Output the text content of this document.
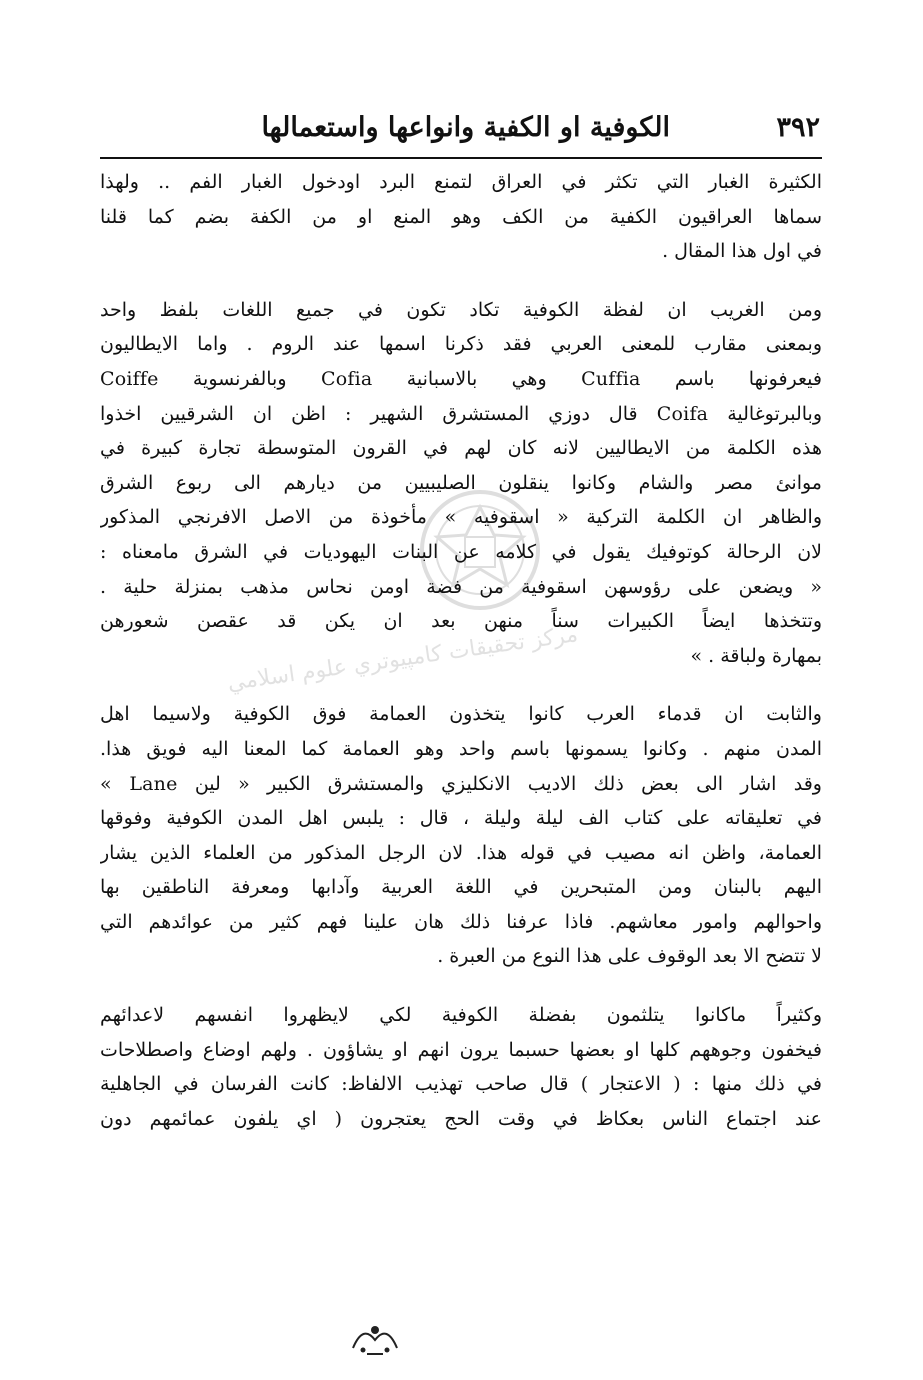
٣٩٢
الكوفية او الكفية وانواعها واستعمالها
مركز تحقيقات كامپيوتري علوم اسلامي
الكثيرة الغبار التي تكثر في العراق لتمنع البرد اودخول الغبار الفم .. ولهذا
سماها العراقيون الكفية من الكف وهو المنع او من الكفة بضم كما قلنا
في اول هذا المقال .
ومن الغريب ان لفظة الكوفية تكاد تكون في جميع اللغات بلفظ واحد
وبمعنى مقارب للمعنى العربي فقد ذكرنا اسمها عند الروم . واما الايطاليون
فيعرفونها باسم Cuffia وهي بالاسبانية Cofia وبالفرنسوية Coiffe
وبالبرتوغالية Coifa قال دوزي المستشرق الشهير : اظن ان الشرقيين اخذوا
هذه الكلمة من الايطاليين لانه كان لهم في القرون المتوسطة تجارة كبيرة في
موانئ مصر والشام وكانوا ينقلون الصليبيين من ديارهم الى ربوع الشرق
والظاهر ان الكلمة التركية « اسقوفيه » مأخوذة من الاصل الافرنجي المذكور
لان الرحالة كوتوفيك يقول في كلامه عن البنات اليهوديات في الشرق مامعناه :
« ويضعن على رؤوسهن اسقوفية من فضة اومن نحاس مذهب بمنزلة حلية .
وتتخذها ايضاً الكبيرات سناً منهن بعد ان يكن قد عقصن شعورهن
بمهارة ولباقة . »
والثابت ان قدماء العرب كانوا يتخذون العمامة فوق الكوفية ولاسيما اهل
المدن منهم . وكانوا يسمونها باسم واحد وهو العمامة كما المعنا اليه فويق هذا.
وقد اشار الى بعض ذلك الاديب الانكليزي والمستشرق الكبير « لين Lane »
في تعليقاته على كتاب الف ليلة وليلة ، قال : يلبس اهل المدن الكوفية وفوقها
العمامة، واظن انه مصيب في قوله هذا. لان الرجل المذكور من العلماء الذين يشار
اليهم بالبنان ومن المتبحرين في اللغة العربية وآدابها ومعرفة الناطقين بها
واحوالهم وامور معاشهم. فاذا عرفنا ذلك هان علينا فهم كثير من عوائدهم التي
لا تتضح الا بعد الوقوف على هذا النوع من العبرة .
وكثيراً ماكانوا يتلثمون بفضلة الكوفية لكي لايظهروا انفسهم لاعدائهم
فيخفون وجوههم كلها او بعضها حسبما يرون انهم او يشاؤون . ولهم اوضاع واصطلاحات
في ذلك منها : ( الاعتجار ) قال صاحب تهذيب الالفاظ: كانت الفرسان في الجاهلية
عند اجتماع الناس بعكاظ في وقت الحج يعتجرون ( اي يلفون عمائمهم دون
